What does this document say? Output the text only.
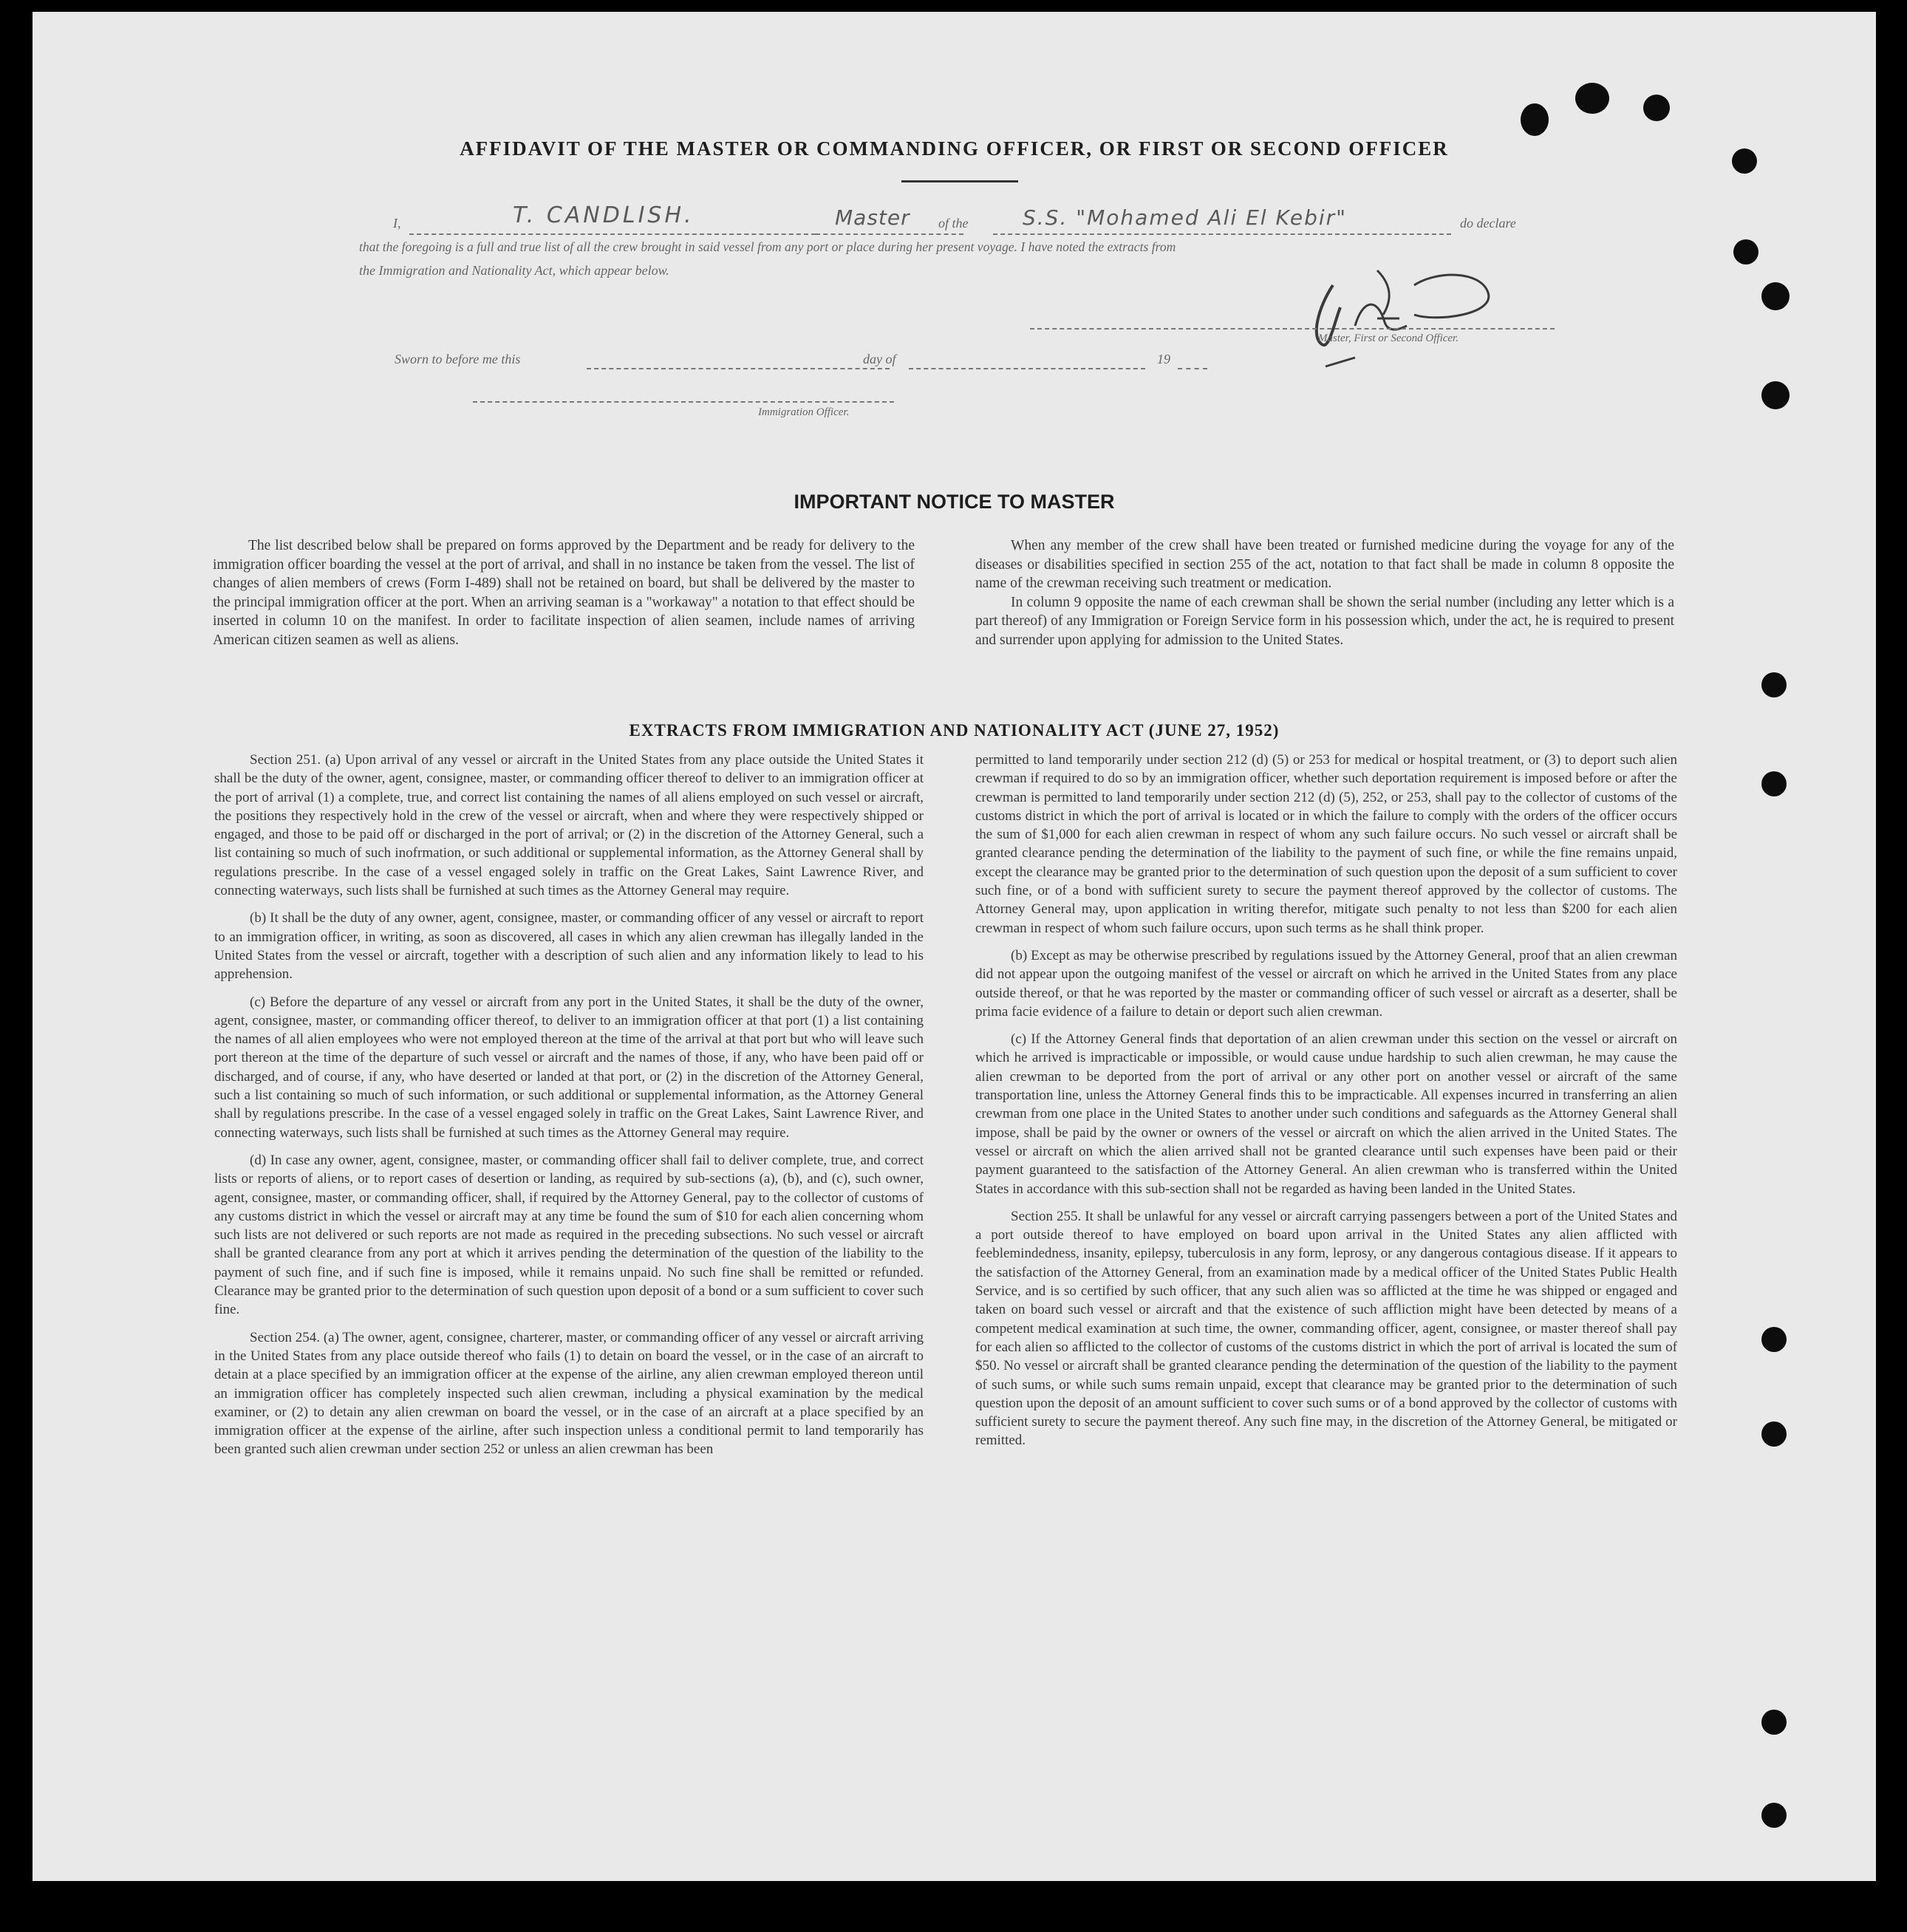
AFFIDAVIT OF THE MASTER OR COMMANDING OFFICER, OR FIRST OR SECOND OFFICER
I,	T. CANDLISH.	Master of the	S.S. "Mohamed Ali El Kebir"	do declare
that the foregoing is a full and true list of all the crew brought in said vessel from any port or place during her present voyage. I have noted the extracts from
the Immigration and Nationality Act, which appear below.
Master, First or Second Officer.
Sworn to before me this	day of	19
Immigration Officer.
IMPORTANT NOTICE TO MASTER

The list described below shall be prepared on forms approved by the Department and be ready for delivery to the immigration officer boarding the vessel at the port of arrival, and shall in no instance be taken from the vessel. The list of changes of alien members of crews (Form I-489) shall not be retained on board, but shall be delivered by the master to the principal immigration officer at the port. When an arriving seaman is a "workaway" a notation to that effect should be inserted in column 10 on the manifest. In order to facilitate inspection of alien seamen, include names of arriving American citizen seamen as well as aliens.

When any member of the crew shall have been treated or furnished medicine during the voyage for any of the diseases or disabilities specified in section 255 of the act, notation to that fact shall be made in column 8 opposite the name of the crewman receiving such treatment or medication.

In column 9 opposite the name of each crewman shall be shown the serial number (including any letter which is a part thereof) of any Immigration or Foreign Service form in his possession which, under the act, he is required to present and surrender upon applying for admission to the United States.

EXTRACTS FROM IMMIGRATION AND NATIONALITY ACT (JUNE 27, 1952)

Section 251. (a) Upon arrival of any vessel or aircraft in the United States from any place outside the United States it shall be the duty of the owner, agent, consignee, master, or commanding officer thereof to deliver to an immigration officer at the port of arrival (1) a complete, true, and correct list containing the names of all aliens employed on such vessel or aircraft, the positions they respectively hold in the crew of the vessel or aircraft, when and where they were respectively shipped or engaged, and those to be paid off or discharged in the port of arrival; or (2) in the discretion of the Attorney General, such a list containing so much of such inofrmation, or such additional or supplemental information, as the Attorney General shall by regulations prescribe. In the case of a vessel engaged solely in traffic on the Great Lakes, Saint Lawrence River, and connecting waterways, such lists shall be furnished at such times as the Attorney General may require.

(b) It shall be the duty of any owner, agent, consignee, master, or commanding officer of any vessel or aircraft to report to an immigration officer, in writing, as soon as discovered, all cases in which any alien crewman has illegally landed in the United States from the vessel or aircraft, together with a description of such alien and any information likely to lead to his apprehension.

(c) Before the departure of any vessel or aircraft from any port in the United States, it shall be the duty of the owner, agent, consignee, master, or commanding officer thereof, to deliver to an immigration officer at that port (1) a list containing the names of all alien employees who were not employed thereon at the time of the arrival at that port but who will leave such port thereon at the time of the departure of such vessel or aircraft and the names of those, if any, who have been paid off or discharged, and of course, if any, who have deserted or landed at that port, or (2) in the discretion of the Attorney General, such a list containing so much of such information, or such additional or supplemental information, as the Attorney General shall by regulations prescribe. In the case of a vessel engaged solely in traffic on the Great Lakes, Saint Lawrence River, and connecting waterways, such lists shall be furnished at such times as the Attorney General may require.

(d) In case any owner, agent, consignee, master, or commanding officer shall fail to deliver complete, true, and correct lists or reports of aliens, or to report cases of desertion or landing, as required by sub-sections (a), (b), and (c), such owner, agent, consignee, master, or commanding officer, shall, if required by the Attorney General, pay to the collector of customs of any customs district in which the vessel or aircraft may at any time be found the sum of $10 for each alien concerning whom such lists are not delivered or such reports are not made as required in the preceding subsections. No such vessel or aircraft shall be granted clearance from any port at which it arrives pending the determination of the question of the liability to the payment of such fine, and if such fine is imposed, while it remains unpaid. No such fine shall be remitted or refunded. Clearance may be granted prior to the determination of such question upon deposit of a bond or a sum sufficient to cover such fine.

Section 254. (a) The owner, agent, consignee, charterer, master, or commanding officer of any vessel or aircraft arriving in the United States from any place outside thereof who fails (1) to detain on board the vessel, or in the case of an aircraft to detain at a place specified by an immigration officer at the expense of the airline, any alien crewman employed thereon until an immigration officer has completely inspected such alien crewman, including a physical examination by the medical examiner, or (2) to detain any alien crewman on board the vessel, or in the case of an aircraft at a place specified by an immigration officer at the expense of the airline, after such inspection unless a conditional permit to land temporarily has been granted such alien crewman under section 252 or unless an alien crewman has been

permitted to land temporarily under section 212 (d) (5) or 253 for medical or hospital treatment, or (3) to deport such alien crewman if required to do so by an immigration officer, whether such deportation requirement is imposed before or after the crewman is permitted to land temporarily under section 212 (d) (5), 252, or 253, shall pay to the collector of customs of the customs district in which the port of arrival is located or in which the failure to comply with the orders of the officer occurs the sum of $1,000 for each alien crewman in respect of whom any such failure occurs. No such vessel or aircraft shall be granted clearance pending the determination of the liability to the payment of such fine, or while the fine remains unpaid, except the clearance may be granted prior to the determination of such question upon the deposit of a sum sufficient to cover such fine, or of a bond with sufficient surety to secure the payment thereof approved by the collector of customs. The Attorney General may, upon application in writing therefor, mitigate such penalty to not less than $200 for each alien crewman in respect of whom such failure occurs, upon such terms as he shall think proper.

(b) Except as may be otherwise prescribed by regulations issued by the Attorney General, proof that an alien crewman did not appear upon the outgoing manifest of the vessel or aircraft on which he arrived in the United States from any place outside thereof, or that he was reported by the master or commanding officer of such vessel or aircraft as a deserter, shall be prima facie evidence of a failure to detain or deport such alien crewman.

(c) If the Attorney General finds that deportation of an alien crewman under this section on the vessel or aircraft on which he arrived is impracticable or impossible, or would cause undue hardship to such alien crewman, he may cause the alien crewman to be deported from the port of arrival or any other port on another vessel or aircraft of the same transportation line, unless the Attorney General finds this to be impracticable. All expenses incurred in transferring an alien crewman from one place in the United States to another under such conditions and safeguards as the Attorney General shall impose, shall be paid by the owner or owners of the vessel or aircraft on which the alien arrived in the United States. The vessel or aircraft on which the alien arrived shall not be granted clearance until such expenses have been paid or their payment guaranteed to the satisfaction of the Attorney General. An alien crewman who is transferred within the United States in accordance with this sub-section shall not be regarded as having been landed in the United States.

Section 255. It shall be unlawful for any vessel or aircraft carrying passengers between a port of the United States and a port outside thereof to have employed on board upon arrival in the United States any alien afflicted with feeblemindedness, insanity, epilepsy, tuberculosis in any form, leprosy, or any dangerous contagious disease. If it appears to the satisfaction of the Attorney General, from an examination made by a medical officer of the United States Public Health Service, and is so certified by such officer, that any such alien was so afflicted at the time he was shipped or engaged and taken on board such vessel or aircraft and that the existence of such affliction might have been detected by means of a competent medical examination at such time, the owner, commanding officer, agent, consignee, or master thereof shall pay for each alien so afflicted to the collector of customs of the customs district in which the port of arrival is located the sum of $50. No vessel or aircraft shall be granted clearance pending the determination of the question of the liability to the payment of such sums, or while such sums remain unpaid, except that clearance may be granted prior to the determination of such question upon the deposit of an amount sufficient to cover such sums or of a bond approved by the collector of customs with sufficient surety to secure the payment thereof. Any such fine may, in the discretion of the Attorney General, be mitigated or remitted.
